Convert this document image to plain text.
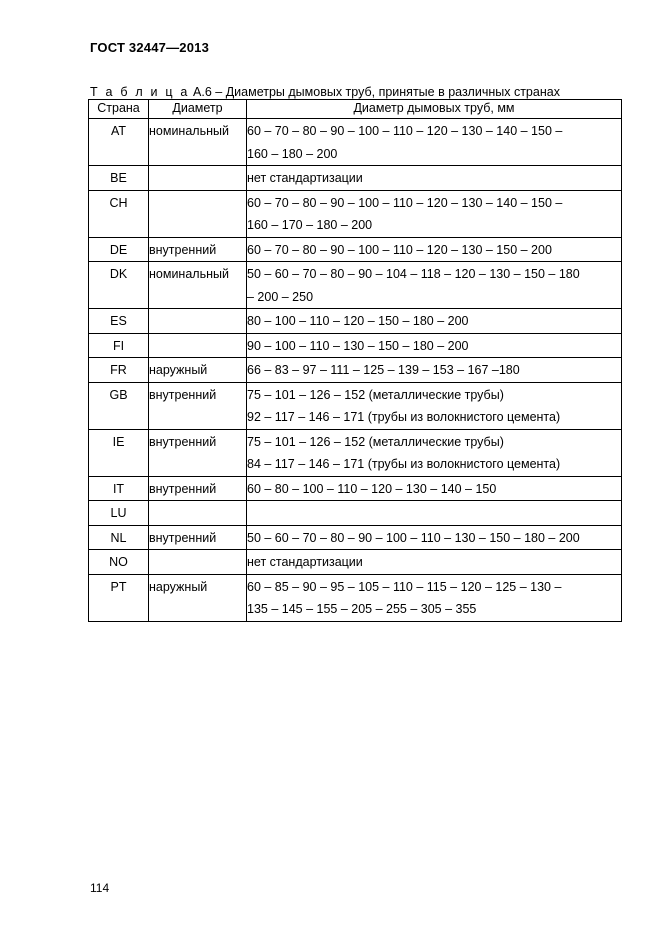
ГОСТ 32447—2013
Т а б л и ц а А.6 – Диаметры дымовых труб, принятые в различных странах
Страна	Диаметр	Диаметр дымовых труб, мм
AT	номинальный	60 – 70 – 80 – 90 – 100 – 110 – 120 – 130 – 140 – 150 –
160 – 180 – 200

BE		нет стандартизации

CH		60 – 70 – 80 – 90 – 100 – 110 – 120 – 130 – 140 – 150 –
160 – 170 – 180 – 200

DE	внутренний	60 – 70 – 80 – 90 – 100 – 110 – 120 – 130 – 150 – 200

DK	номинальный	50 – 60 – 70 – 80 – 90 – 104 – 118 – 120 – 130 – 150 – 180
– 200 – 250

ES		80 – 100 – 110 – 120 – 150 – 180 – 200

FI		90 – 100 – 110 – 130 – 150 – 180 – 200

FR	наружный	66 – 83 – 97 – 111 – 125 – 139 – 153 – 167 –180

GB	внутренний	75 – 101 – 126 – 152 (металлические трубы)
92 – 117 – 146 – 171 (трубы из волокнистого цемента)

IE	внутренний	75 – 101 – 126 – 152 (металлические трубы)
84 – 117 – 146 – 171 (трубы из волокнистого цемента)

IT	внутренний	60 – 80 – 100 – 110 – 120 – 130 – 140 – 150

LU		

NL	внутренний	50 – 60 – 70 – 80 – 90 – 100 – 110 – 130 – 150 – 180 – 200

NO		нет стандартизации

PT	наружный	60 – 85 – 90 – 95 – 105 – 110 – 115 – 120 – 125 – 130 –
135 – 145 – 155 – 205 – 255 – 305 – 355
114
